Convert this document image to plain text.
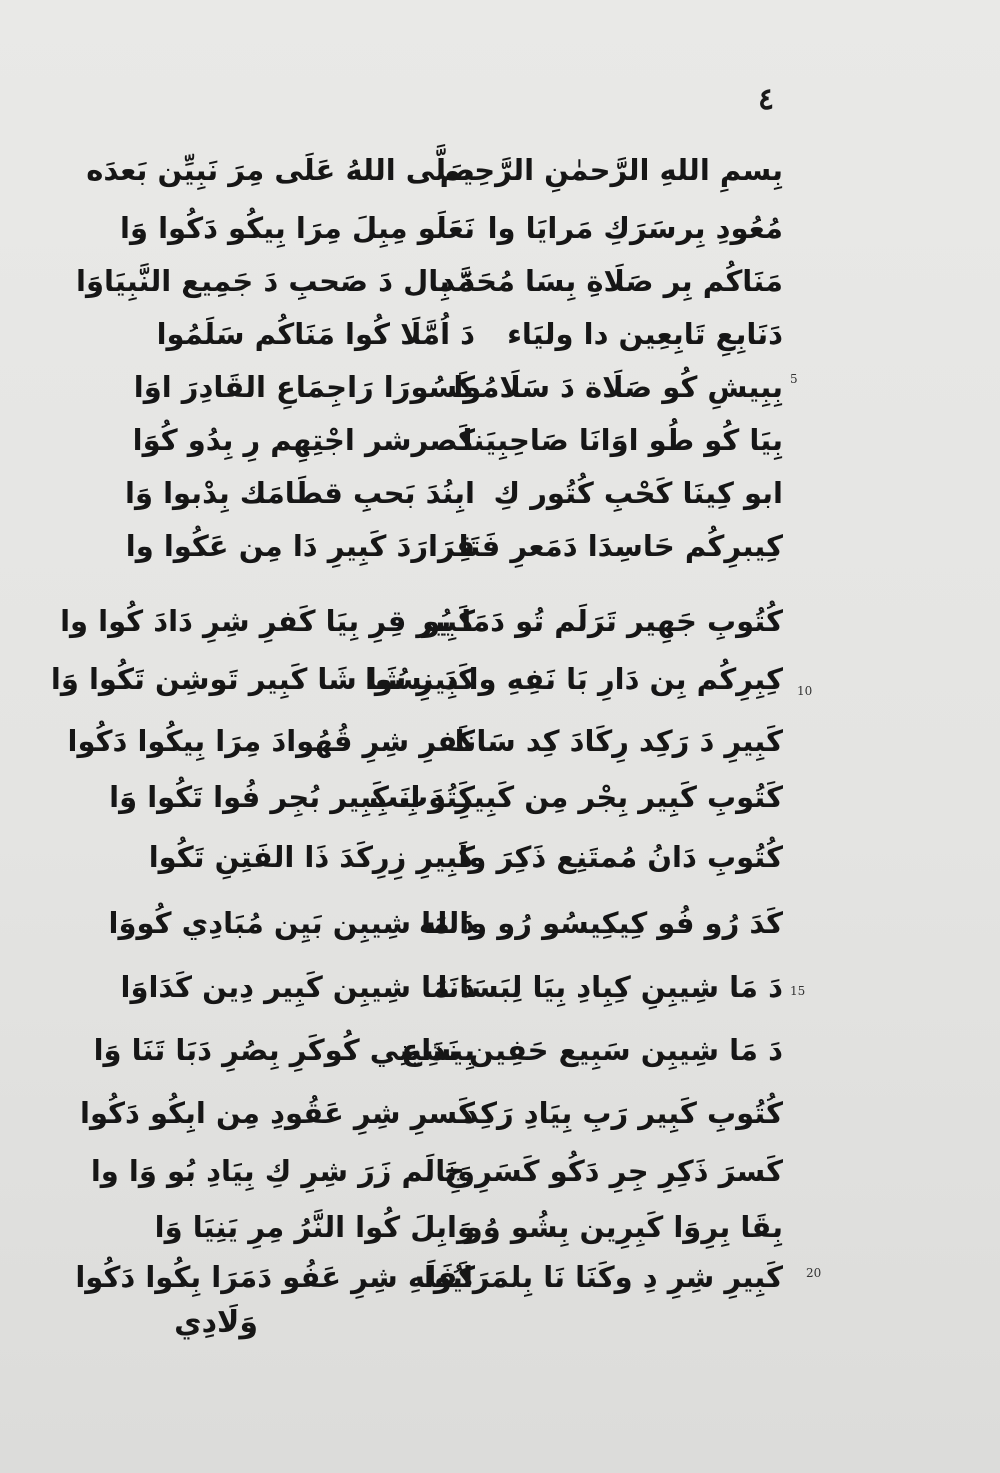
٤
بِسمِ اللهِ الرَّحمٰنِ الرَّحِيم
مُعُودِ بِرسَرَكِ مَرايَا وا
مَنَاكُم بِر صَلَاةِ بِسَا مُحَمَّد
دَنَابِعِ تَابِعِين دا وليَاء
بِبِيشِ كُو صَلَاة دَ سَلَامُوا
بِيَا كُو طُو اوَانَا صَاحِبِيَنا
ابو كِينَا كَحْبِ كُتُور كِ
كِيبرِكُم حَاسِدَا دَمَعرِ فَتَا
كُتُوبِ جَهِير تَرَلَم تُو دَمَا يُو
كِبِرِكُم بِن دَارِ بَا نَفِهِ وا دَ نسُوا
كَبِيرِ دَ رَكِد رِكَادَ كِد سَانا
كَتُوبِ كَبِير بِجْر مِن كَبِيرِ دَ انَبِ
كُتُوبِ دَانُ مُمتَنِع ذَكِرَ وا
كَدَ رُو فُو كِيكِيسُو رُو والله
دَ مَا شِيبِنِ كِبِادِ بِيَا لِبَسَانَا
دَ مَا شِيبِن سَبِيع حَفِين نَدَاع
كُتُوبِ كَبِير رَبِ بِيَادِ رَكِد
كَسرَ ذَكِرِ جِرِ دَكُو كَسَرِ جِ
بِقَا بِرِوَا كَبِرِين بِشُو وُو
كَبِيرِ شِرِ دِ وكَنَا نَا بِلمَرَايُوا
صَلَّى اللهُ عَلَى مِرَ نَبِيِّن بَعدَه
نَعَلَو مِبِلَ مِرَا بِيكُو دَكُوا وَا
دَ بِال دَ صَحبِ دَ جَمِيع النَّبِيَاوَا
دَ اُمَّلَا كُوا مَنَاكُم سَلَمُوا
كَسُورَا رَاجِمَاعِ القَادِرَ اوَا
كَصرشر اجْتِهِم رِ بِدُو كُوَا
ابِنُدَ بَحبِ قطَامَك بِدْبوا وَا
قِرَارَدَ كَبِيرِ دَا مِن عَكُوا وا
كَبِير قِرِ بِيَا كَفرِ شِرِ دَادَ كُوا وا
كَبِيرِ شَا شَا كَبِير تَوشِن تَكُوا وَا
كَفرِ شِرِ قُهُوادَ مِرَا بِيكُوا دَكُوا
كَتُوبِ كَبِير بُجِر فُوا تَكُوا وَا
كَبِيرِ زِرِكَدَ ذَا الفَتِنِ تَكُوا
دَ مَا شِيبِن بَيِن مُبَادِي كُووَا
دَ مَا شِيبِن كَبِير دِين كَدَاوَا
بِيشِينِي كُوكَرِ بِصُرِ دَبَا تَنَا وَا
كَسرِ شِرِ عَقُودِ مِن ابِكُو دَكُوا
وَنَالَم زَرَ شِرِ كِ بِيَادِ بُو وَا وا
وَابِلَ كُوا النَّرُ مِرِ يَنِيَا وَا
كَفَلَهِ شِرِ عَفُو دَمَرَا بِكُوا دَكُوا
5
10
15
20
وَلَادِي
